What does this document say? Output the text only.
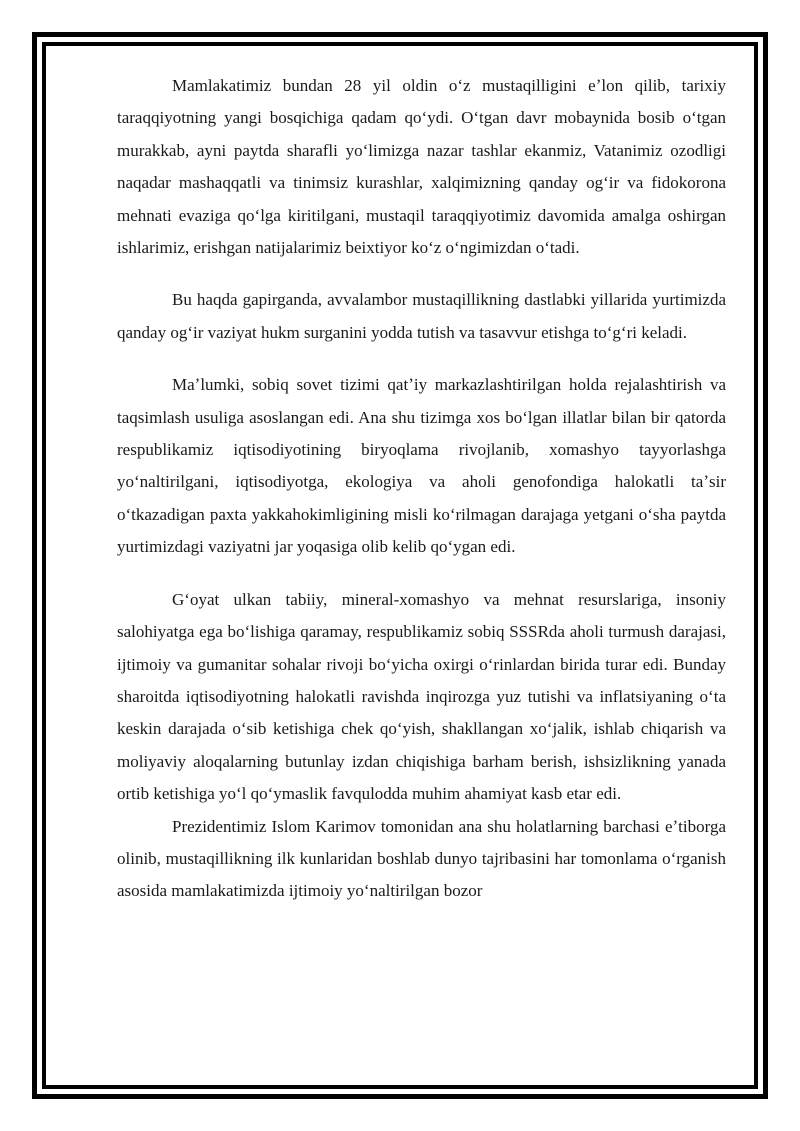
Mamlakatimiz bundan 28 yil oldin oʻz mustaqilligini eʼlon qilib, tarixiy taraqqiyotning yangi bosqichiga qadam qoʻydi. Oʻtgan davr mobaynida bosib oʻtgan murakkab, ayni paytda sharafli yoʻlimizga nazar tashlar ekanmiz, Vatanimiz ozodligi naqadar mashaqqatli va tinimsiz kurashlar, xalqimizning qanday ogʻir va fidokorona mehnati evaziga qoʻlga kiritilgani, mustaqil taraqqiyotimiz davomida amalga oshirgan ishlarimiz, erishgan natijalarimiz beixtiyor koʻz oʻngimizdan oʻtadi.

Bu haqda gapirganda, avvalambor mustaqillikning dastlabki yillarida yurtimizda qanday ogʻir vaziyat hukm surganini yodda tutish va tasavvur etishga toʻgʻri keladi.

Maʼlumki, sobiq sovet tizimi qatʼiy markazlashtirilgan holda rejalashtirish va taqsimlash usuliga asoslangan edi. Ana shu tizimga xos boʻlgan illatlar bilan bir qatorda respublikamiz iqtisodiyotining biryoqlama rivojlanib, xomashyo tayyorlashga yoʻnaltirilgani, iqtisodiyotga, ekologiya va aholi genofondiga halokatli taʼsir oʻtkazadigan paxta yakkahokimligining misli koʻrilmagan darajaga yetgani oʻsha paytda yurtimizdagi vaziyatni jar yoqasiga olib kelib qoʻygan edi.

Gʻoyat ulkan tabiiy, mineral-xomashyo va mehnat resurslariga, insoniy salohiyatga ega boʻlishiga qaramay, respublikamiz sobiq SSSRda aholi turmush darajasi, ijtimoiy va gumanitar sohalar rivoji boʻyicha oxirgi oʻrinlardan birida turar edi. Bunday sharoitda iqtisodiyotning halokatli ravishda inqirozga yuz tutishi va inflatsiyaning oʻta keskin darajada oʻsib ketishiga chek qoʻyish, shakllangan xoʻjalik, ishlab chiqarish va moliyaviy aloqalarning butunlay izdan chiqishiga barham berish, ishsizlikning yanada ortib ketishiga yoʻl qoʻymaslik favqulodda muhim ahamiyat kasb etar edi.

Prezidentimiz Islom Karimov tomonidan ana shu holatlarning barchasi eʼtiborga olinib, mustaqillikning ilk kunlaridan boshlab dunyo tajribasini har tomonlama oʻrganish asosida mamlakatimizda ijtimoiy yoʻnaltirilgan bozor
